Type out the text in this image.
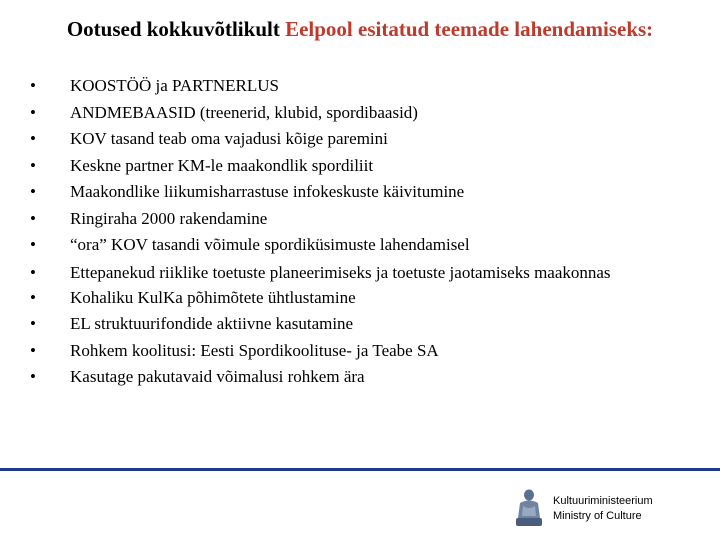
Ootused kokkuvõtlikult Eelpool esitatud teemade lahendamiseks:
• KOOSTÖÖ ja PARTNERLUS
• ANDMEBAASID (treenerid, klubid, spordibaasid)
• KOV tasand teab oma vajadusi kõige paremini
• Keskne partner KM-le maakondlik spordiliit
• Maakondlike liikumisharrastuse infokeskuste käivitumine
• Ringiraha 2000 rakendamine
• “ora” KOV tasandi võimule spordiküsimuste lahendamisel
• Ettepanekud riiklike toetuste planeerimiseks ja toetuste jaotamiseks maakonnas
• Kohaliku KulKa põhimõtete ühtlustamine
• EL struktuurifondide aktiivne kasutamine
• Rohkem koolitusi: Eesti Spordikoolituse- ja Teabe SA
• Kasutage pakutavaid võimalusi rohkem ära
Kultuuriministeerium
Ministry of Culture
